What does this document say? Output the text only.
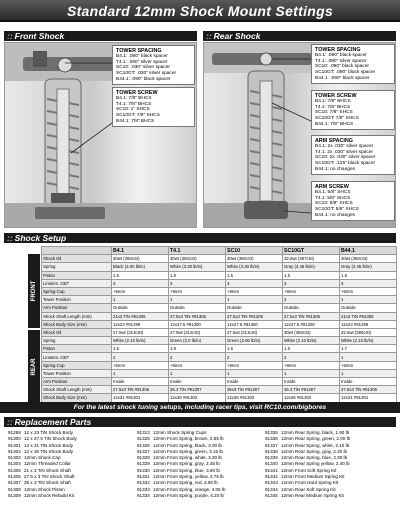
Standard 12mm Shock Mount Settings
:: Front Shock
TOWER SPACING
B4.1: .090" black spacer
T4.1: .090" silver spacer
SC10: .030" silver spacer
SC10GT: .030" silver spacer
B44.1: .090" black spacer
TOWER SCREW
B4.1: 7/8" BHCS
T4.1: 7/8" BHCS
SC10: 1" SHCS
SC10GT: 7/8" SHCS
B44.1: 7/8" BHCS
:: Rear Shock
TOWER SPACING
B4.1: .090" black spacer
T4.1: .090" silver spacer
SC10: .090" black spacer
SC10GT: .090" black spacer
B44.1: .090" black spacer
TOWER SCREW
B4.1: 7/8" BHCS
T4.1: 7/8" BHCS
SC10: 7/8" SHCS
SC10GT: 7/8" SHCS
B44.1: 7/8" BHCS
ARM SPACING
B4.1: 2x .030" silver spacer
T4.1: 2x .030" silver spacer
SC10: 2x .030" silver spacer
SC10GT: .125" black spacer
B44.1: no changes
ARM SCREW
B4.1: 5/8" SHCS
T4.1: 5/8" SHCS
SC10: 5/8" SHCS
SC10GT: 5/8" SHCS
B44.1: no changes
:: Shock Setup
FRONT
REAR
	B4.1	T4.1	SC10	SC10GT	B44.1
Shock Oil	30wt (350cSt)	30wt (350cSt)	30wt (350cSt)	32.5wt (387cSt)	30wt (350cSt)
Spring	Black (3.00 lb/in)	White (3.30 lb/in)	White (3.30 lb/in)	Gray (3.45 lb/in)	Gray (3.45 lb/in)
Piston	1.6	1.6	1.5	1.5	1.6
Limiters .030"	3	3	3	3	3
Spring Cup	+5mm	+9mm	+9mm	+9mm	+5mm
Tower Position	1	1	1	2	1
Arm Position	Outside	Outside	Outside	Outside	Outside
Shock Shaft Length (mm)	21x3 TiN #91306	27.5x3 TiN #91306	27.5x3 TiN #91306	27.5x3 TiN #91306	21x3 TiN #91306
Shock Body Size (mm)	12x23 #91299	12x27.5 #91300	12x27.5 #91300	12x27.5 #91300	12x23 #91299
Shock Oil	27.5wt (313cSt)	27.5wt (313cSt)	27.5wt (313cSt)	30wt (350cSt)	32.5wt (386cSt)
Spring	White (2.10 lb/in)	Green (2.0 lb/in)	Green (2.00 lb/in)	White (2.10 lb/in)	White (2.10 lb/in)
Piston	1.6	1.6	1.6	1.6	1.7
Limiters .030"	2	2	2	2	1
Spring Cup	+5mm	+9mm	+9mm	+9mm	+5mm
Tower Position	1	1	1	1	1
Arm Position	Inside	Inside	Inside	Inside	Inside
Shock Shaft Length (mm)	27.5x3 TiN #91306	35.3 TiN #91307	35x3 TiN #91307	35.3 TiN #91307	27.5x3 TiN #91306
Shock Body Size (mm)	12x31 #91301	12x36 #91302	12x36 #91302	12x36 #91302	12x31 #91301
For the latest shock tuning setups, including racer tips, visit RC10.com/bigbores
:: Replacement Parts
91299 12 x 23 TiN Shock Body
91300 12 x 27.5 TiN Shock Body
91301 12 x 31 TiN Shock Body
91302 12 x 36 TiN Shock Body
91303 12mm Shock Cap
91304 12mm Threaded Collar
91306 21 x 3 TiN Shock Shaft
91306 27.5 x 3 TiN Shock Shaft
91307 35 x 3 TiN Shock Shaft
91308 12mm Shock Piston
91309 12mm Shock Rebuild Kit
91313 12mm Shock Spring Cups
91325 12mm Front Spring, brown, 2.85 lb
91326 12mm Front Spring, black, 3.00 lb
91327 12mm Front Spring, green, 3.15 lb
91328 12mm Front Spring, white, 3.30 lb
91329 12mm Front Spring, gray, 3.45 lb
91330 12mm Front Spring, blue, 3.60 lb
91331 12mm Front Spring, yellow, 3.75 lb
91332 12mm Front Spring, red, 3.90 lb
91333 12mm Front Spring, orange, 4.05 lb
91334 12mm Front Spring, purple, 4.20 lb
91335 12mm Rear Spring, black, 1.90 lb
91336 12mm Rear Spring, green, 2.00 lb
91337 12mm Rear Spring, white, 2.10 lb
91338 12mm Rear Spring, gray, 2.20 lb
91339 12mm Rear Spring, blue, 2.30 lb
91340 12mm Rear Spring yellow, 2.40 lb
91341 12mm Front Soft Spring Kit
91342 12mm Front Medium Spring Kit
91343 12mm Front Hard Spring Kit
91344 12mm Rear Soft Spring Kit
91345 12mm Rear Medium Spring Kit
